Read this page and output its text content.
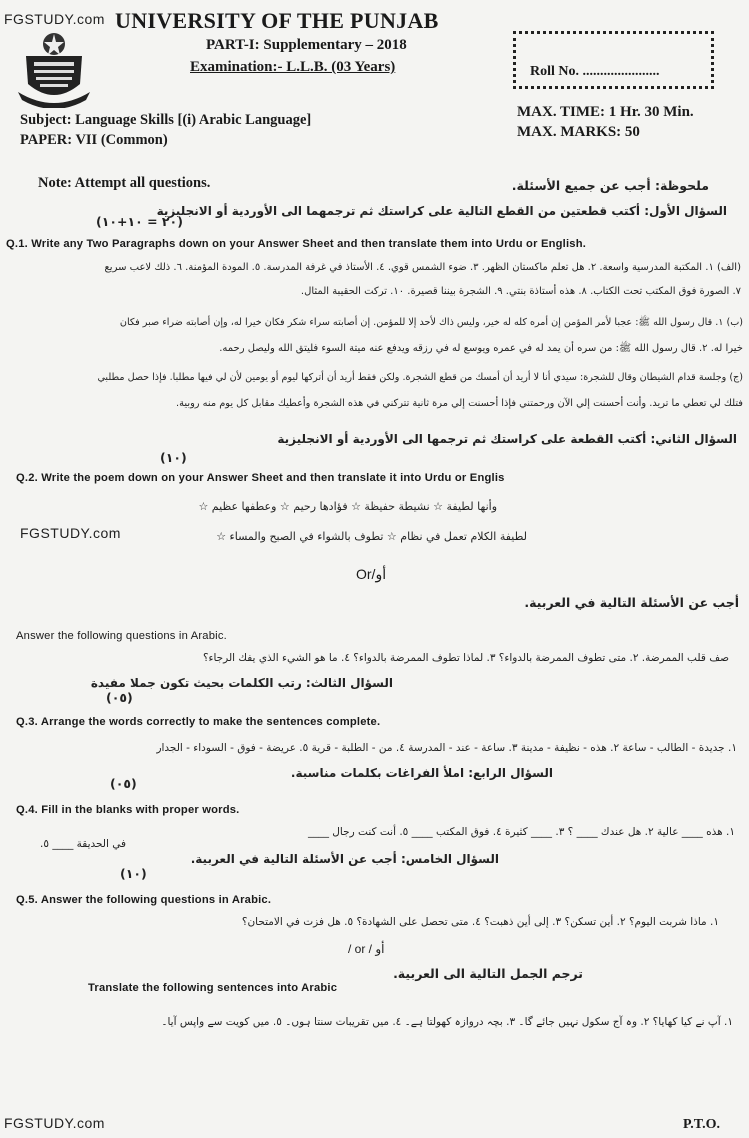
FGSTUDY.com
FGSTUDY.com
FGSTUDY.com
UNIVERSITY OF THE PUNJAB
PART-I: Supplementary – 2018
Examination:- L.L.B. (03 Years)	Roll No. ......................
Subject: Language Skills [(i) Arabic Language]
PAPER: VII (Common)
MAX. TIME: 1 Hr. 30 Min.
MAX. MARKS: 50
Note: Attempt all questions.	ملحوظة: أجب عن جميع الأسئلة.
السؤال الأول: أكتب قطعتين من القطع التالية على كراستك ثم ترجمهما الى الأوردية أو الانجليزية
(٢٠ = ١٠+١٠)
Q.1. Write any Two Paragraphs down on your Answer Sheet and then translate them into Urdu or English.
(الف) ١. المكتبة المدرسية واسعة. ٢. هل تعلم ماكستان الظهر. ٣. ضوء الشمس قوي. ٤. الأستاذ في غرفة المدرسة. ٥. المودة المؤمنة. ٦. ذلك لاعب سريع
٧. الصورة فوق المكتب تحت الكتاب. ٨. هذه أستاذة بنتي. ٩. الشجرة بيننا قصيرة. ١٠. تركت الحقيبة المثال.
(ب) ١. قال رسول الله ﷺ: عجبا لأمر المؤمن إن أمره كله له خير، وليس ذاك لأحد إلا للمؤمن. إن أصابته سراء شكر فكان خيرا له، وإن أصابته ضراء صبر فكان
خيرا له. ٢. قال رسول الله ﷺ: من سره أن يمد له في عمره ويوسع له في رزقه ويدفع عنه ميتة السوء فليتق الله وليصل رحمه.
(ج) وجلسة قدام الشيطان وقال للشجرة: سيدي أنا لا أريد أن أمسك من قطع الشجرة. ولكن فقط أريد أن أتركها ليوم أو يومين لأن لي فيها مطلبا. فإذا حصل مطلبي
فتلك لي تعطي ما تريد. وأنت أحسنت إلي الآن ورحمتني فإذا أحسنت إلي مرة ثانية تتركني في هذه الشجرة وأعطيك مقابل كل يوم منه روبية.
السؤال الثاني: أكتب القطعة على كراستك ثم ترجمها الى الأوردية أو الانجليزية
(١٠)
Q.2. Write the poem down on your Answer Sheet and then translate it into Urdu or Englis
وأنها لطيفة ☆ نشيطة حفيظة ☆ فؤادها رحيم ☆ وعطفها عظيم ☆
لطيفة الكلام تعمل في نظام ☆ تطوف بالشواء في الصبح والمساء ☆
Or/أو
أجب عن الأسئلة التالية في العربية.
Answer the following questions in Arabic.
صف قلب الممرضة. ٢. متى تطوف الممرضة بالدواء؟ ٣. لماذا تطوف الممرضة بالدواء؟ ٤. ما هو الشيء الذي يفك الرجاء؟
السؤال الثالث: رتب الكلمات بحيث تكون جملا مفيدة
(٠٥)
Q.3. Arrange the words correctly to make the sentences complete.
١. جديدة - الطالب - ساعة ٢. هذه - نظيفة - مدينة ٣. ساعة - عند - المدرسة ٤. من - الطلبة - قرية ٥. عريضة - فوق - السوداء - الجدار
السؤال الرابع: املأ الفراغات بكلمات مناسبة.
(٠٥)
Q.4. Fill in the blanks with proper words.
١. هذه ____ عالية ٢. هل عندك ____ ؟ ٣. ____ كثيرة ٤. فوق المكتب ____ ٥. أنت كنت رجال ____
في الحديقة ____ ٥.
السؤال الخامس: أجب عن الأسئلة التالية في العربية.
(١٠)
Q.5. Answer the following questions in Arabic.
١. ماذا شربت اليوم؟ ٢. أين تسكن؟ ٣. إلى أين ذهبت؟ ٤. متى تحصل على الشهادة؟ ٥. هل فزت في الامتحان؟
/ or / أو
ترجم الجمل التالية الى العربية.
Translate the following sentences into Arabic
١. آپ نے کیا کھایا؟ ٢. وہ آج سکول نہیں جائے گا۔ ٣. بچہ دروازہ کھولتا ہے۔ ٤. میں تقریبات سنتا ہوں۔ ٥. میں کویت سے واپس آیا۔
P.T.O.
